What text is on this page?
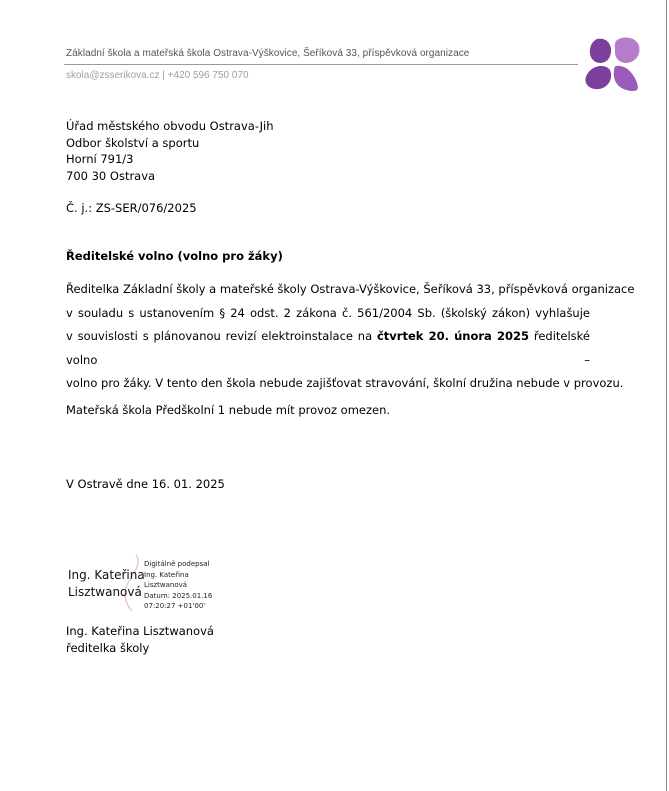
Základní škola a mateřská škola Ostrava-Výškovice, Šeříková 33, příspěvková organizace
skola@zsserikova.cz | +420 596 750 070
Úřad městského obvodu Ostrava-Jih
Odbor školství a sportu
Horní 791/3
700 30 Ostrava
Č. j.: ZS-SER/076/2025
Ředitelské volno (volno pro žáky)
Ředitelka Základní školy a mateřské školy Ostrava-Výškovice, Šeříková 33, příspěvková organizace
v souladu s ustanovením § 24 odst. 2 zákona č. 561/2004 Sb. (školský zákon) vyhlašuje
v souvislosti s plánovanou revizí elektroinstalace na čtvrtek 20. února 2025 ředitelské volno –
volno pro žáky. V tento den škola nebude zajišťovat stravování, školní družina nebude v provozu.
Mateřská škola Předškolní 1 nebude mít provoz omezen.
V Ostravě dne 16. 01. 2025
Ing. Kateřina
Lisztwanová
Digitálně podepsal
Ing. Kateřina
Lisztwanová
Datum: 2025.01.16
07:20:27 +01'00'
Ing. Kateřina Lisztwanová
ředitelka školy
